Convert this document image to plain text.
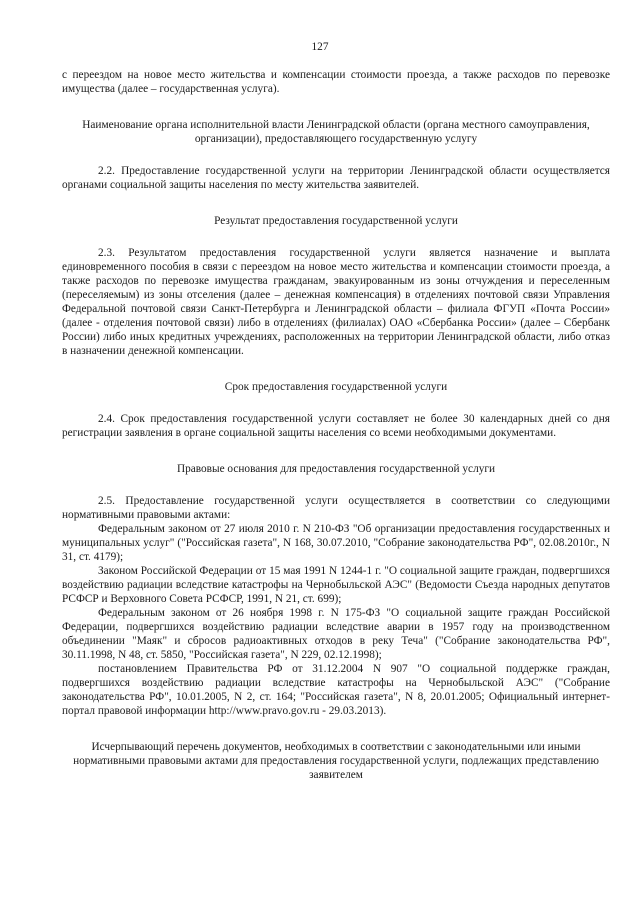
127

с переездом на новое место жительства и компенсации стоимости проезда, а также расходов по перевозке имущества (далее – государственная услуга).

Наименование органа исполнительной власти Ленинградской области (органа местного самоуправления, организации), предоставляющего государственную услугу

2.2. Предоставление государственной услуги на территории Ленинградской области осуществляется органами социальной защиты населения по месту жительства заявителей.

Результат предоставления государственной услуги

2.3. Результатом предоставления государственной услуги является назначение и выплата единовременного пособия в связи с переездом на новое место жительства и компенсации стоимости проезда, а также расходов по перевозке имущества гражданам, эвакуированным из зоны отчуждения и переселенным (переселяемым) из зоны отселения (далее – денежная компенсация) в отделениях почтовой связи Управления Федеральной почтовой связи Санкт-Петербурга и Ленинградской области – филиала ФГУП «Почта России» (далее - отделения почтовой связи) либо в отделениях (филиалах) ОАО «Сбербанка России» (далее – Сбербанк России) либо иных кредитных учреждениях, расположенных на территории Ленинградской области, либо отказ в назначении денежной компенсации.

Срок предоставления государственной услуги

2.4. Срок предоставления государственной услуги составляет не более 30 календарных дней со дня регистрации заявления в органе социальной защиты населения со всеми необходимыми документами.

Правовые основания для предоставления государственной услуги

2.5. Предоставление государственной услуги осуществляется в соответствии со следующими нормативными правовыми актами:

Федеральным законом от 27 июля 2010 г. N 210-ФЗ "Об организации предоставления государственных и муниципальных услуг" ("Российская газета", N 168, 30.07.2010, "Собрание законодательства РФ", 02.08.2010г., N 31, ст. 4179);

Законом Российской Федерации от 15 мая 1991 N 1244-1 г. "О социальной защите граждан, подвергшихся воздействию радиации вследствие катастрофы на Чернобыльской АЭС" (Ведомости Съезда народных депутатов РСФСР и Верховного Совета РСФСР, 1991, N 21, ст. 699);

Федеральным законом от 26 ноября 1998 г. N 175-ФЗ "О социальной защите граждан Российской Федерации, подвергшихся воздействию радиации вследствие аварии в 1957 году на производственном объединении "Маяк" и сбросов радиоактивных отходов в реку Теча" ("Собрание законодательства РФ", 30.11.1998, N 48, ст. 5850, "Российская газета", N 229, 02.12.1998);

постановлением Правительства РФ от 31.12.2004 N 907 "О социальной поддержке граждан, подвергшихся воздействию радиации вследствие катастрофы на Чернобыльской АЭС" ("Собрание законодательства РФ", 10.01.2005, N 2, ст. 164; "Российская газета", N 8, 20.01.2005; Официальный интернет-портал правовой информации http://www.pravo.gov.ru - 29.03.2013).

Исчерпывающий перечень документов, необходимых в соответствии с законодательными или иными нормативными правовыми актами для предоставления государственной услуги, подлежащих представлению заявителем
